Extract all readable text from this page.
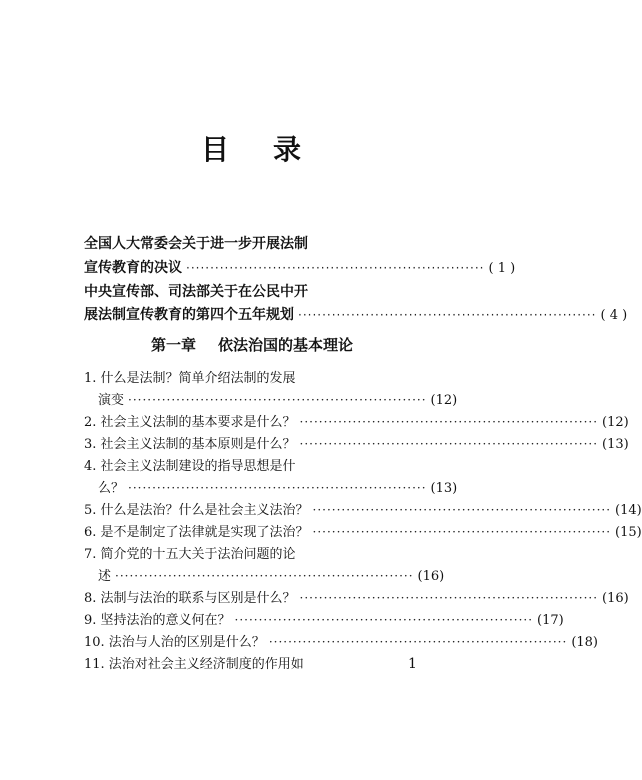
目 录
全国人大常委会关于进一步开展法制
宣传教育的决议 ······························································ ( 1 )
中央宣传部、司法部关于在公民中开
展法制宣传教育的第四个五年规划 ······························································ ( 4 )
第一章 依法治国的基本理论
1. 什么是法制？简单介绍法制的发展
演变 ······························································ (12)
2. 社会主义法制的基本要求是什么？ ······························································ (12)
3. 社会主义法制的基本原则是什么？ ······························································ (13)
4. 社会主义法制建设的指导思想是什
么？ ······························································ (13)
5. 什么是法治？什么是社会主义法治？ ······························································ (14)
6. 是不是制定了法律就是实现了法治？ ······························································ (15)
7. 简介党的十五大关于法治问题的论
述 ······························································ (16)
8. 法制与法治的联系与区别是什么？ ······························································ (16)
9. 坚持法治的意义何在？ ······························································ (17)
10. 法治与人治的区别是什么？ ······························································ (18)
11. 法治对社会主义经济制度的作用如	1
